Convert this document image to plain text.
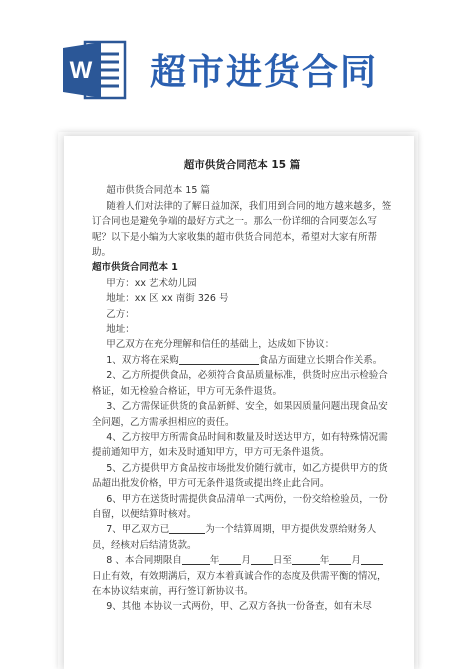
W 超市进货合同
超市供货合同范本 15 篇

超市供货合同范本 15 篇

随着人们对法律的了解日益加深，我们用到合同的地方越来越多，签订合同也是避免争端的最好方式之一。那么一份详细的合同要怎么写呢？以下是小编为大家收集的超市供货合同范本，希望对大家有所帮助。

超市供货合同范本 1

甲方：xx 艺术幼儿园

地址：xx 区 xx 南街 326 号

乙方：

地址：

甲乙双方在充分理解和信任的基础上，达成如下协议：

1、双方将在采购	食品方面建立长期合作关系。

2、乙方所提供食品，必须符合食品质量标准，供货时应出示检验合格证，如无检验合格证，甲方可无条件退货。

3、乙方需保证供货的食品新鲜、安全，如果因质量问题出现食品安全问题，乙方需承担相应的责任。

4、乙方按甲方所需食品时间和数量及时送达甲方，如有特殊情况需提前通知甲方，如未及时通知甲方，甲方可无条件退货。

5、乙方提供甲方食品按市场批发价随行就市，如乙方提供甲方的货品超出批发价格，甲方可无条件退货或提出终止此合同。

6、甲方在送货时需提供食品清单一式两份，一份交给检验员，一份自留，以便结算时核对。

7、甲乙双方已	为一个结算周期，甲方提供发票给财务人员，经核对后结清货款。

8 、本合同期限自	年 月 日至	年 月日止有效，有效期满后，双方本着真诚合作的态度及供需平衡的情况，在本协议结束前，再行签订新协议书。

9、其他 本协议一式两份，甲、乙双方各执一份备查，如有未尽
